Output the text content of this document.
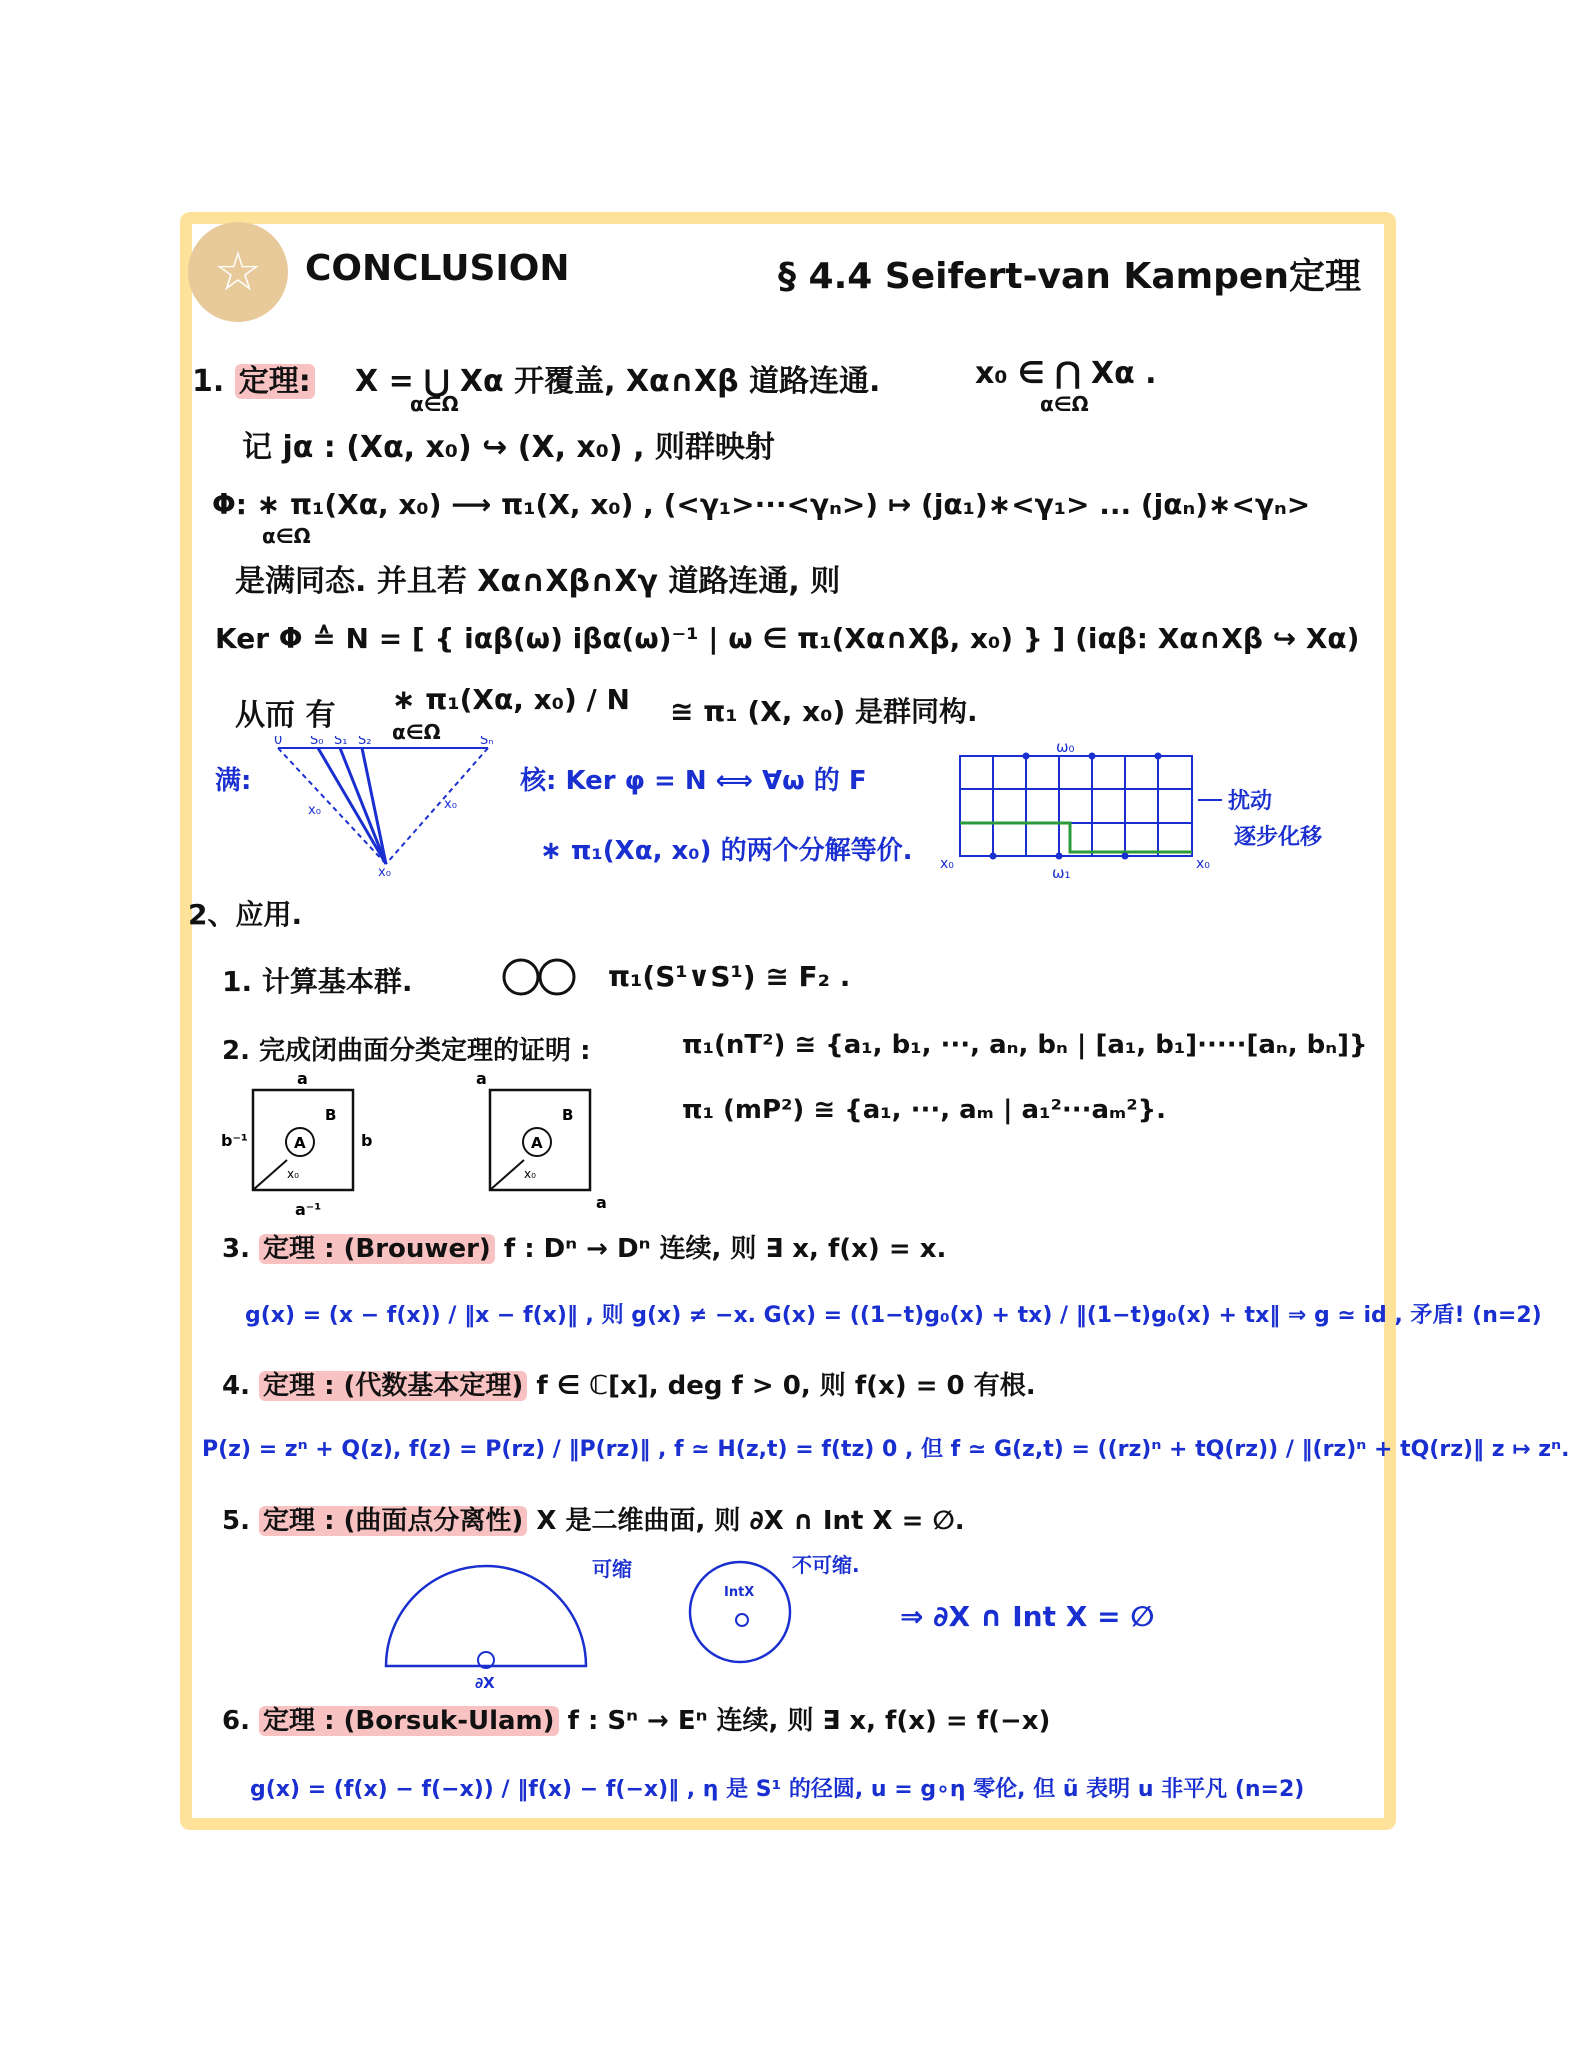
☆ CONCLUSION	§ 4.4 Seifert-van Kampen定理
1. 定理: X = ⋃ Xα 开覆盖, Xα∩Xβ 道路连通.	x₀ ∈ ⋂ Xα .
α∈Ω	α∈Ω
记 jα : (Xα, x₀) ↪ (X, x₀) , 则群映射
Φ: ∗ π₁(Xα, x₀) ⟶ π₁(X, x₀) , (<γ₁>···<γₙ>) ↦ (jα₁)∗<γ₁> ... (jαₙ)∗<γₙ>
α∈Ω
是满同态. 并且若 Xα∩Xβ∩Xγ 道路连通, 则
Ker Φ ≙ N = [ { iαβ(ω) iβα(ω)⁻¹ | ω ∈ π₁(Xα∩Xβ, x₀) } ] (iαβ: Xα∩Xβ ↪ Xα)
从而 有 ∗ π₁(Xα, x₀) / N
α∈Ω
≅ π₁ (X, x₀) 是群同构.
满:
0 S₀ S₁ S₂	Sₙ
x₀	x₀
x₀
核: Ker φ = N ⟺ ∀ω 的 F
∗ π₁(Xα, x₀) 的两个分解等价.
ω₀
ω₁
x₀	x₀
扰动
逐步化移
2、应用.
1. 计算基本群.	π₁(S¹∨S¹) ≅ F₂ .
2. 完成闭曲面分类定理的证明 :	π₁(nT²) ≅ {a₁, b₁, ···, aₙ, bₙ | [a₁, b₁]·····[aₙ, bₙ]}
π₁ (mP²) ≅ {a₁, ···, aₘ | a₁²···aₘ²}.
A
B
a
a⁻¹
b
b⁻¹
x₀
A
B
a
a
x₀
3. 定理 : (Brouwer) f : Dⁿ → Dⁿ 连续, 则 ∃ x, f(x) = x.
g(x) = (x − f(x)) / ‖x − f(x)‖ , 则 g(x) ≠ −x. G(x) = ((1−t)g₀(x) + tx) / ‖(1−t)g₀(x) + tx‖ ⇒ g ≃ id , 矛盾! (n=2)
4. 定理 : (代数基本定理) f ∈ ℂ[x], deg f > 0, 则 f(x) = 0 有根.
P(z) = zⁿ + Q(z), f(z) = P(rz) / ‖P(rz)‖ , f ≃ H(z,t) = f(tz) 0 , 但 f ≃ G(z,t) = ((rz)ⁿ + tQ(rz)) / ‖(rz)ⁿ + tQ(rz)‖ z ↦ zⁿ.
5. 定理 : (曲面点分离性) X 是二维曲面, 则 ∂X ∩ Int X = ∅.
∂X
可缩
IntX
不可缩.
⇒ ∂X ∩ Int X = ∅
6. 定理 : (Borsuk-Ulam) f : Sⁿ → Eⁿ 连续, 则 ∃ x, f(x) = f(−x)
g(x) = (f(x) − f(−x)) / ‖f(x) − f(−x)‖ , η 是 S¹ 的径圆, u = g∘η 零伦, 但 ũ 表明 u 非平凡 (n=2)
